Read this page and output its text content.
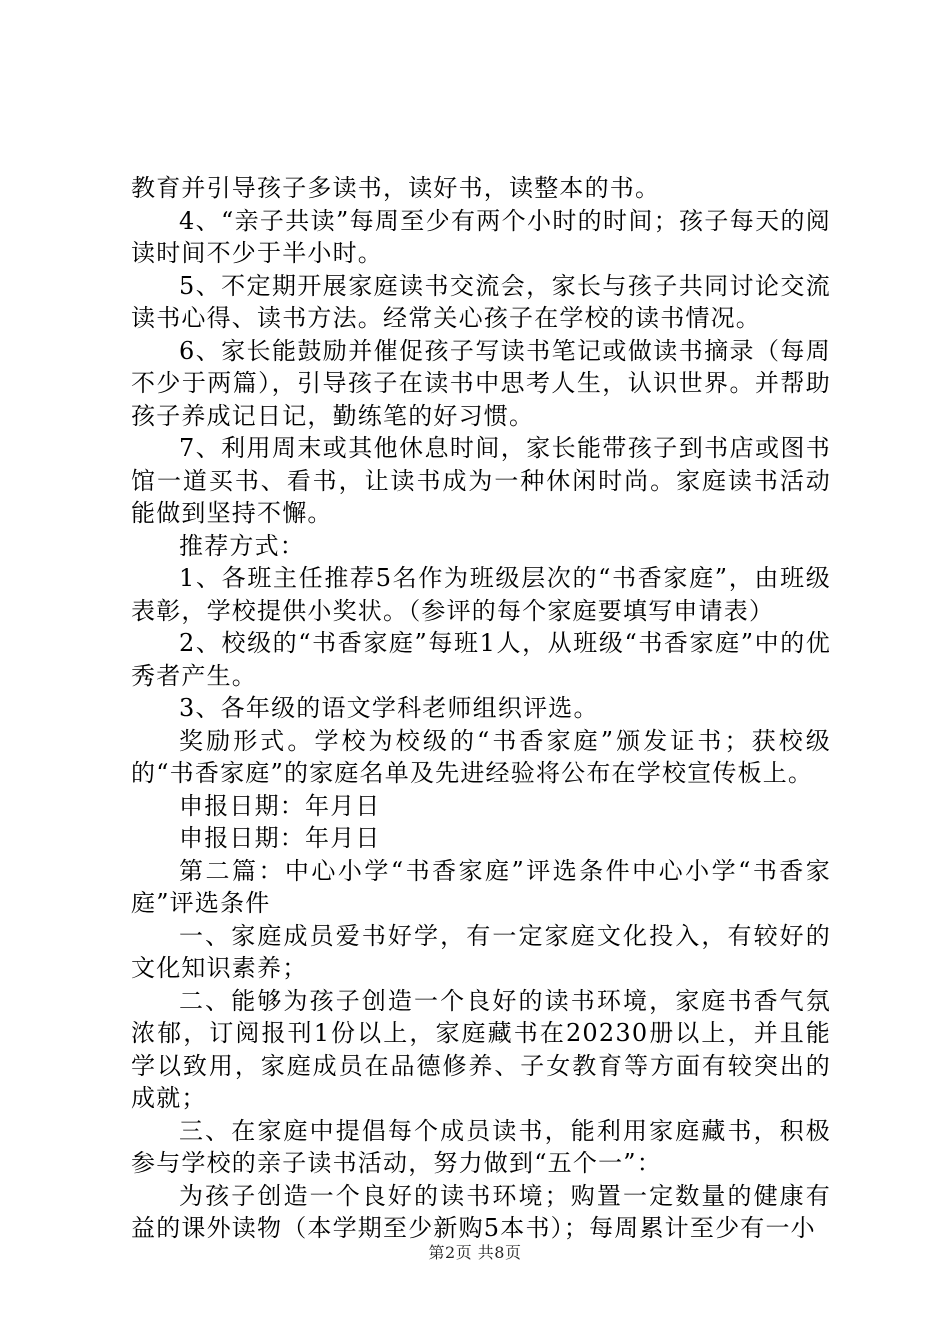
教育并引导孩子多读书，读好书，读整本的书。

4、“亲子共读”每周至少有两个小时的时间；孩子每天的阅读时间不少于半小时。

5、不定期开展家庭读书交流会，家长与孩子共同讨论交流读书心得、读书方法。经常关心孩子在学校的读书情况。

6、家长能鼓励并催促孩子写读书笔记或做读书摘录（每周不少于两篇），引导孩子在读书中思考人生，认识世界。并帮助孩子养成记日记，勤练笔的好习惯。

7、利用周末或其他休息时间，家长能带孩子到书店或图书馆一道买书、看书，让读书成为一种休闲时尚。家庭读书活动能做到坚持不懈。

推荐方式：

1、各班主任推荐5名作为班级层次的“书香家庭”，由班级表彰，学校提供小奖状。（参评的每个家庭要填写申请表）

2、校级的“书香家庭”每班1人，从班级“书香家庭”中的优秀者产生。

3、各年级的语文学科老师组织评选。

奖励形式。学校为校级的“书香家庭”颁发证书；获校级的“书香家庭”的家庭名单及先进经验将公布在学校宣传板上。

申报日期：年月日

申报日期：年月日

第二篇：中心小学“书香家庭”评选条件中心小学“书香家庭”评选条件

一、家庭成员爱书好学，有一定家庭文化投入，有较好的文化知识素养；

二、能够为孩子创造一个良好的读书环境，家庭书香气氛浓郁，订阅报刊1份以上，家庭藏书在20230册以上，并且能学以致用，家庭成员在品德修养、子女教育等方面有较突出的成就；

三、在家庭中提倡每个成员读书，能利用家庭藏书，积极参与学校的亲子读书活动，努力做到“五个一”：

为孩子创造一个良好的读书环境；购置一定数量的健康有益的课外读物（本学期至少新购5本书）；每周累计至少有一小

第2页 共8页
